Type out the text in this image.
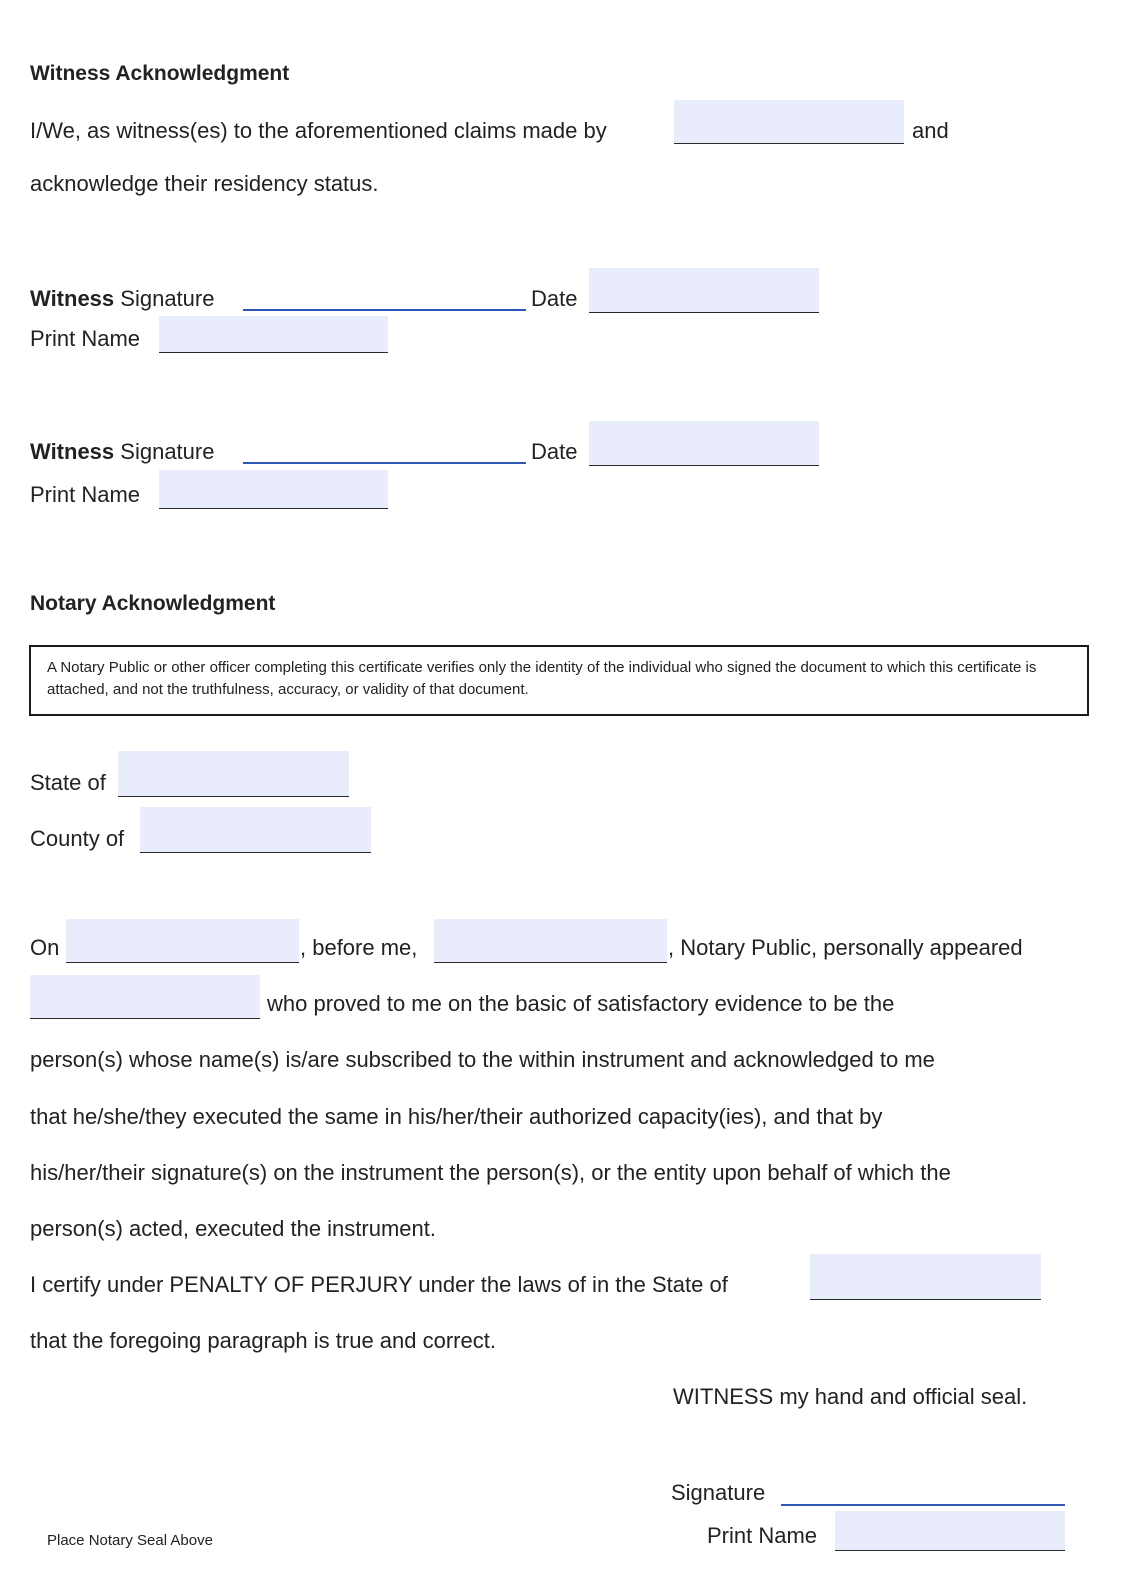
Witness Acknowledgment
I/We, as witness(es) to the aforementioned claims made by	and
acknowledge their residency status.
Witness Signature	Date
Print Name
Witness Signature	Date
Print Name
Notary Acknowledgment
A Notary Public or other officer completing this certificate verifies only the identity of the individual who signed the document to which this certificate is attached, and not the truthfulness, accuracy, or validity of that document.
State of
County of
On	, before me,	, Notary Public, personally appeared
who proved to me on the basic of satisfactory evidence to be the
person(s) whose name(s) is/are subscribed to the within instrument and acknowledged to me
that he/she/they executed the same in his/her/their authorized capacity(ies), and that by
his/her/their signature(s) on the instrument the person(s), or the entity upon behalf of which the
person(s) acted, executed the instrument.
I certify under PENALTY OF PERJURY under the laws of in the State of
that the foregoing paragraph is true and correct.
WITNESS my hand and official seal.
Signature
Print Name
Place Notary Seal Above
